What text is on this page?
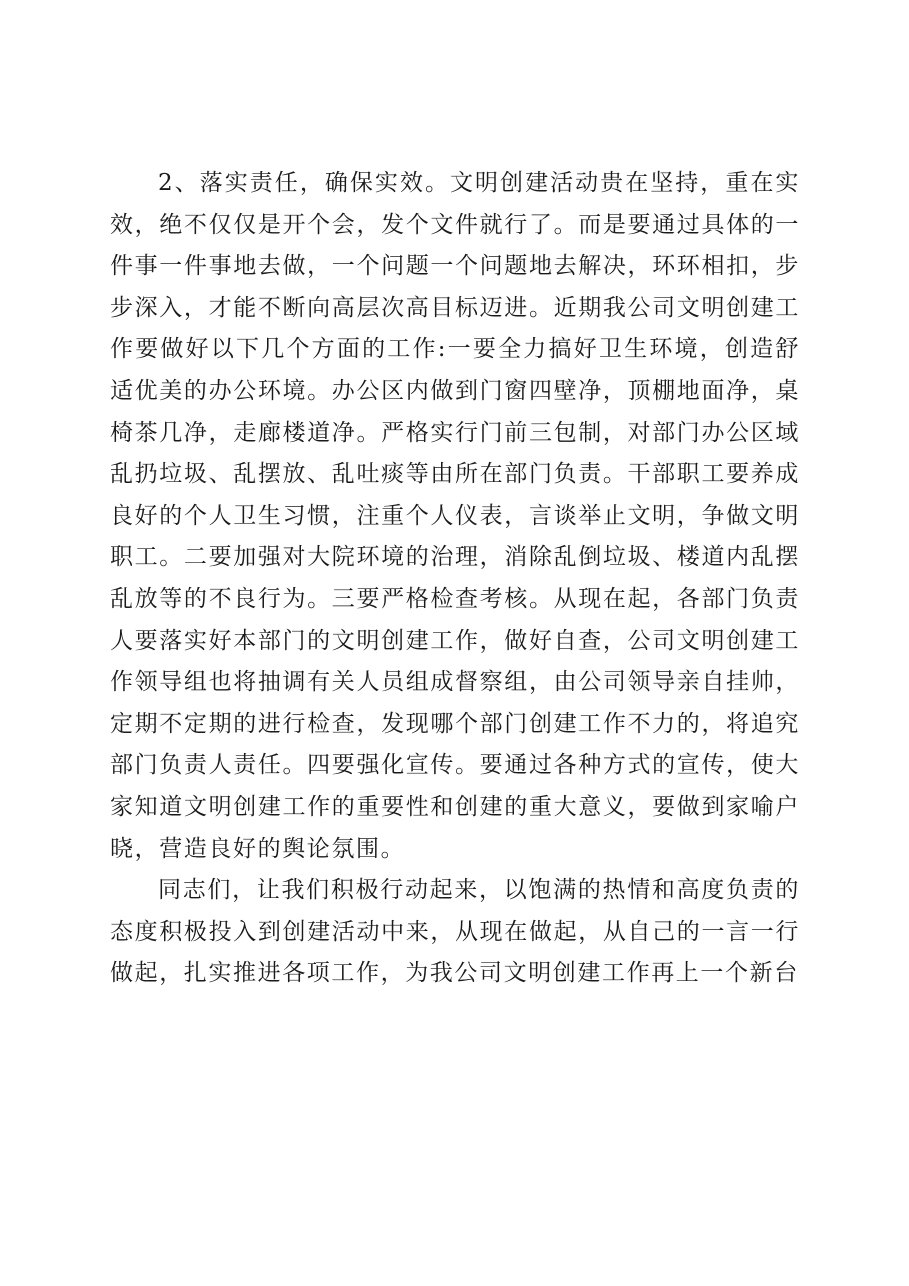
2、落实责任，确保实效。文明创建活动贵在坚持，重在实效，绝不仅仅是开个会，发个文件就行了。而是要通过具体的一件事一件事地去做，一个问题一个问题地去解决，环环相扣，步步深入，才能不断向高层次高目标迈进。近期我公司文明创建工作要做好以下几个方面的工作:一要全力搞好卫生环境，创造舒适优美的办公环境。办公区内做到门窗四壁净，顶棚地面净，桌椅茶几净，走廊楼道净。严格实行门前三包制，对部门办公区域乱扔垃圾、乱摆放、乱吐痰等由所在部门负责。干部职工要养成良好的个人卫生习惯，注重个人仪表，言谈举止文明，争做文明职工。二要加强对大院环境的治理，消除乱倒垃圾、楼道内乱摆乱放等的不良行为。三要严格检查考核。从现在起，各部门负责人要落实好本部门的文明创建工作，做好自查，公司文明创建工作领导组也将抽调有关人员组成督察组，由公司领导亲自挂帅，定期不定期的进行检查，发现哪个部门创建工作不力的，将追究部门负责人责任。四要强化宣传。要通过各种方式的宣传，使大家知道文明创建工作的重要性和创建的重大意义，要做到家喻户晓，营造良好的舆论氛围。

同志们，让我们积极行动起来，以饱满的热情和高度负责的态度积极投入到创建活动中来，从现在做起，从自己的一言一行做起，扎实推进各项工作，为我公司文明创建工作再上一个新台
